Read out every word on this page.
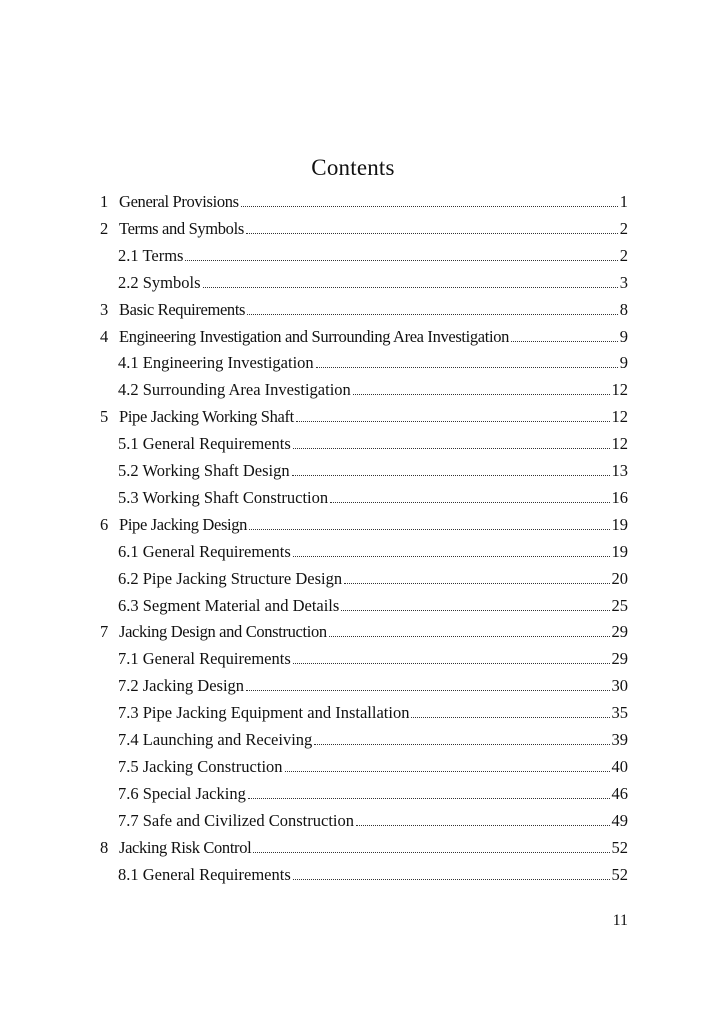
Contents
1 General Provisions	1
2 Terms and Symbols	2
2.1 Terms	2
2.2 Symbols	3
3 Basic Requirements	8
4 Engineering Investigation and Surrounding Area Investigation	9
4.1 Engineering Investigation	9
4.2 Surrounding Area Investigation	12
5 Pipe Jacking Working Shaft	12
5.1 General Requirements	12
5.2 Working Shaft Design	13
5.3 Working Shaft Construction	16
6 Pipe Jacking Design	19
6.1 General Requirements	19
6.2 Pipe Jacking Structure Design	20
6.3 Segment Material and Details	25
7 Jacking Design and Construction	29
7.1 General Requirements	29
7.2 Jacking Design	30
7.3 Pipe Jacking Equipment and Installation	35
7.4 Launching and Receiving	39
7.5 Jacking Construction	40
7.6 Special Jacking	46
7.7 Safe and Civilized Construction	49
8 Jacking Risk Control	52
8.1 General Requirements	52
11
